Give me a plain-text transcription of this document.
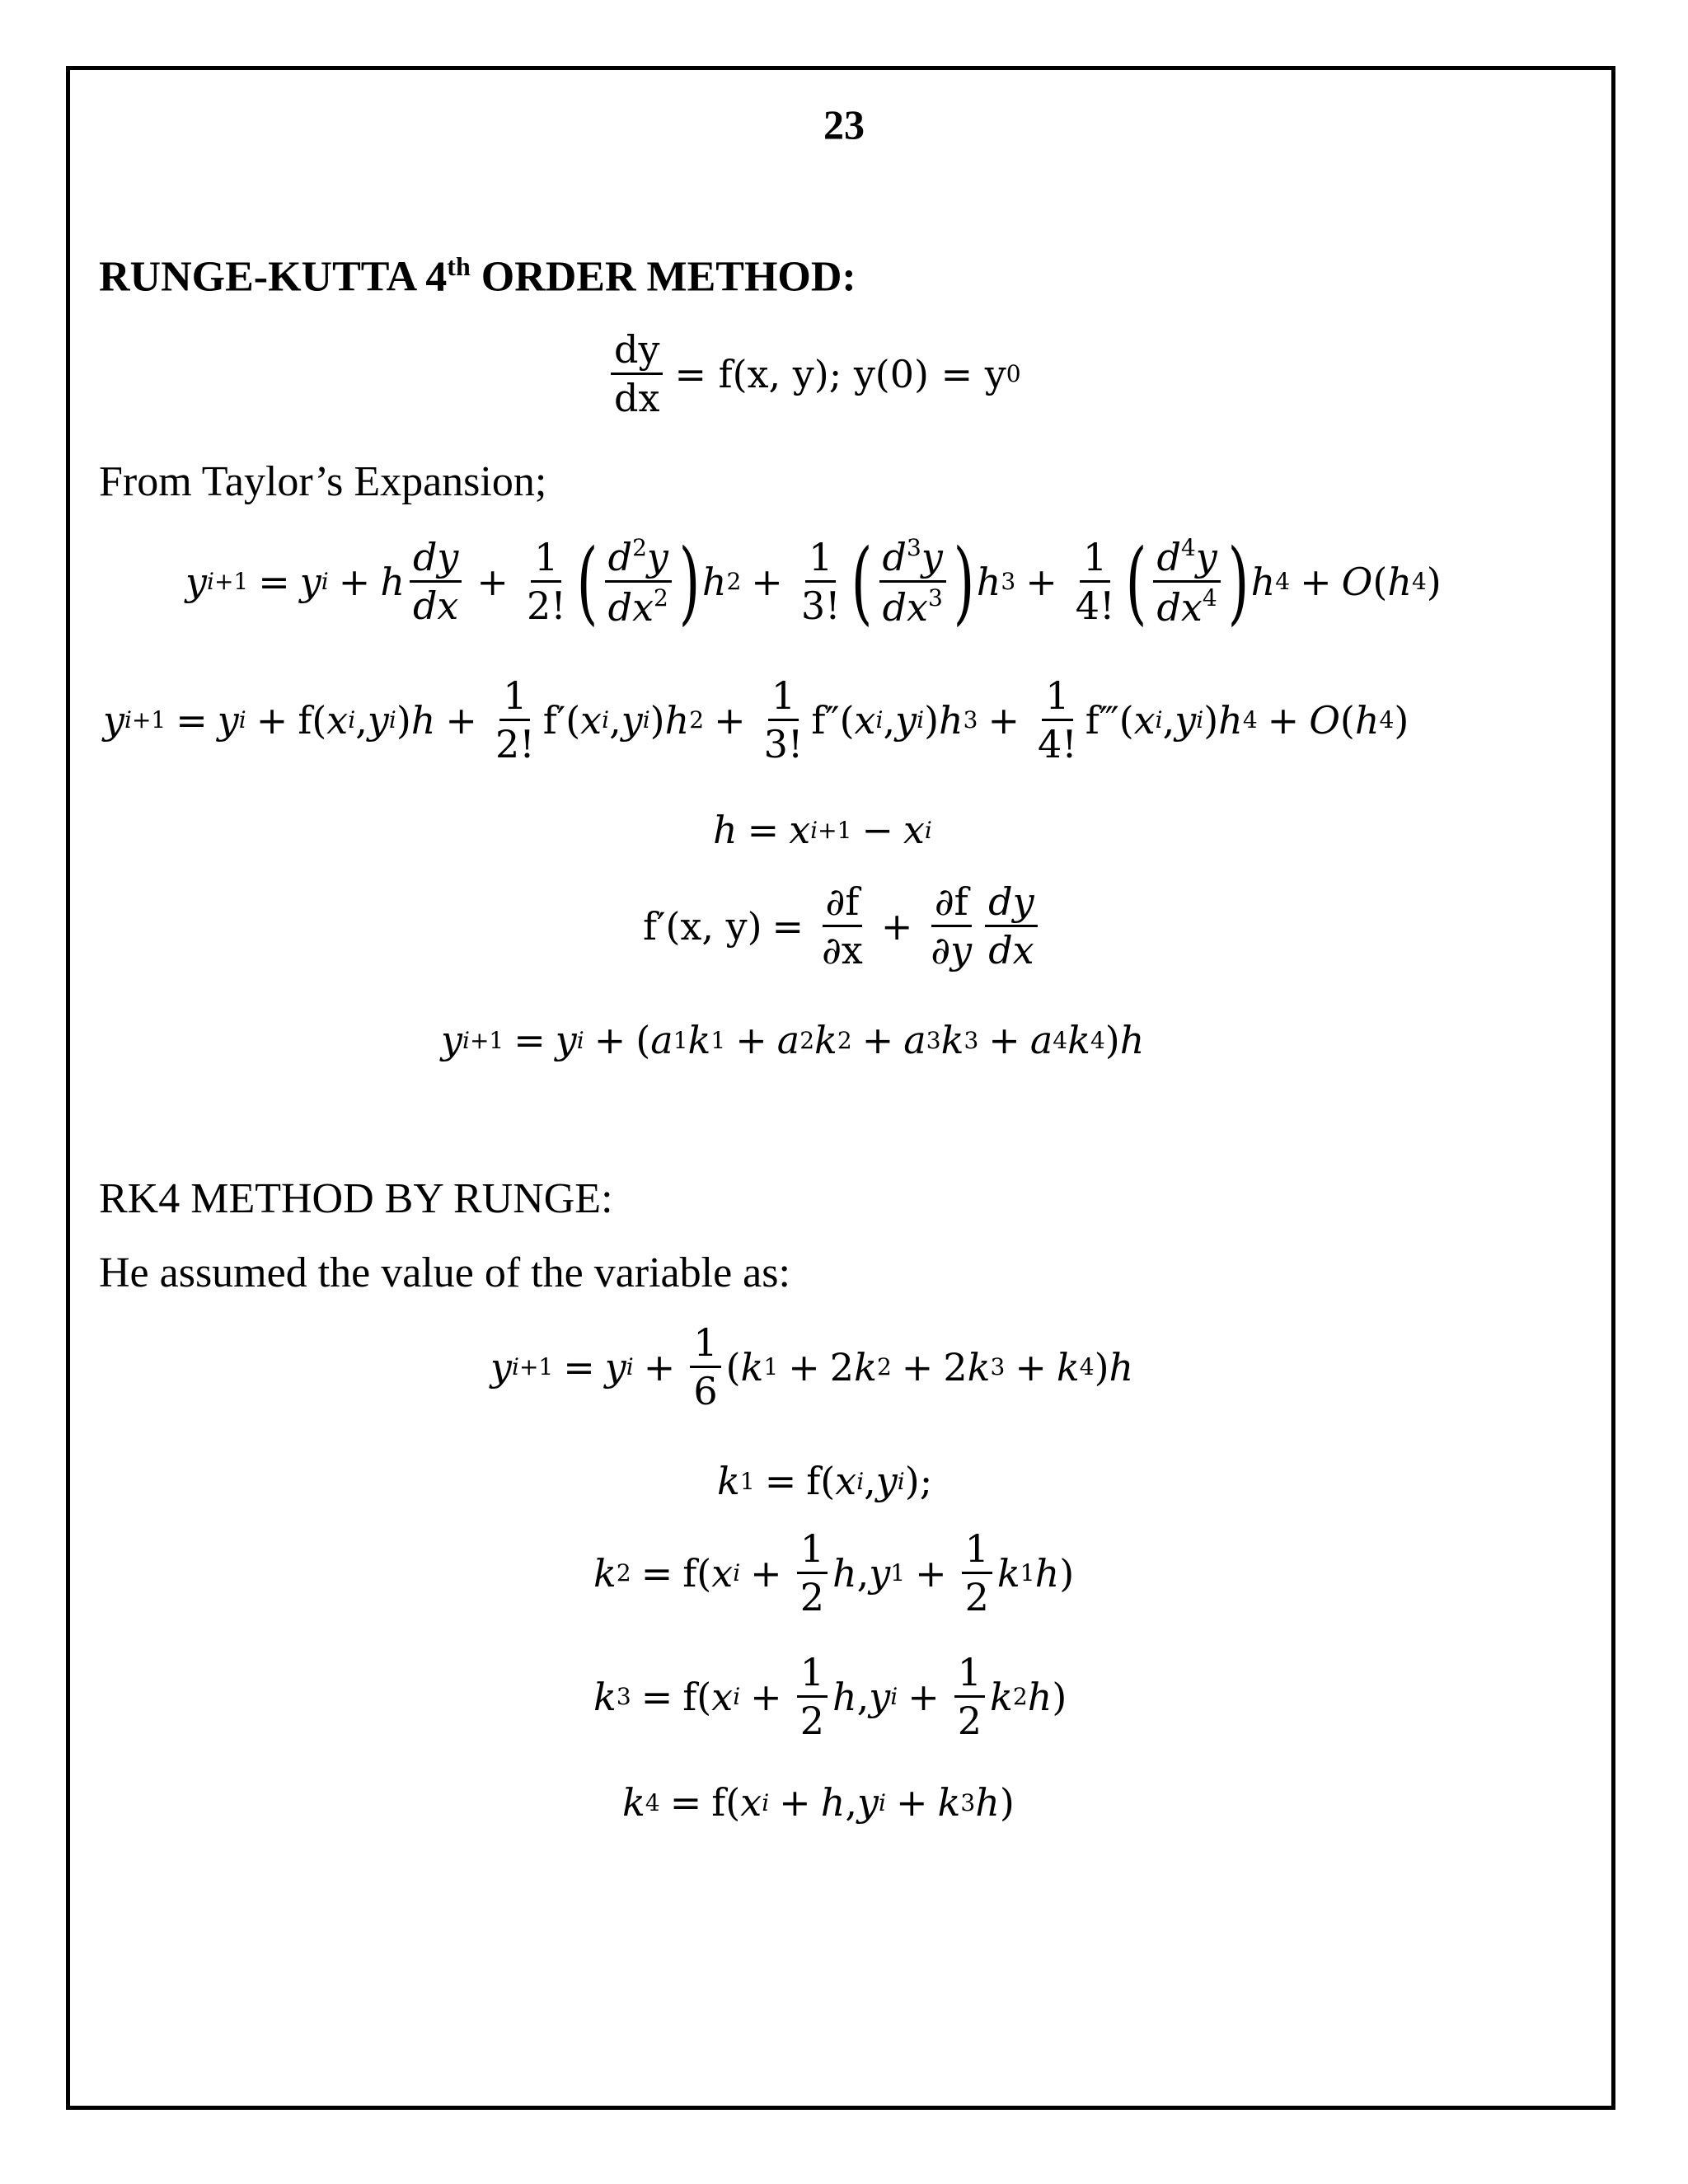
23
RUNGE-KUTTA 4th ORDER METHOD:
$\frac{dy}{dx} = f(x$, y); y(0) = y 0
From Taylor’s Expansion;
y i+1 = y i + h $\frac{dy}{dx} + \frac{1}{2!}$ ( $\frac{d^2y}{dx^2}$ ) h $2 + \frac{1}{3!}$ ( $\frac{d^3y}{dx^3}$ ) h $3 + \frac{1}{4!}$ ( $\frac{d^4y}{dx^4}$ ) h 4 + O ( h 4 )
y i+1 = y i + f( x i , y i ) $h + \frac{1}{2!} f'$( x i , y i ) h $2 + \frac{1}{3!} f''$( x i , y i ) h $3 + \frac{1}{4!}$ f‴( x i , y i ) h 4 + O ( h 4 )
h = x i+1 − x i
f′(x, $y) = \frac{\partial f}{\partial x} + \frac{\partial f}{\partial y} \frac{dy}{dx}$
y i+1 = y i + ( a 1 k 1 + a 2 k 2 + a 3 k 3 + a 4 k 4 ) h
RK4 METHOD BY RUNGE:
He assumed the value of the variable as:
y i+1 = y $i + \frac{1}{6}$ ( k 1 + 2 k 2 + 2 k 3 + k 4 ) h
k 1 = f( x i , y i );
k 2 = f( x $i + \frac{1}{2}$ h , y $1 + \frac{1}{2}$ k 1 h )
k 3 = f( x $i + \frac{1}{2}$ h , y $i + \frac{1}{2}$ k 2 h )
k 4 = f( x i + h , y i + k 3 h )
